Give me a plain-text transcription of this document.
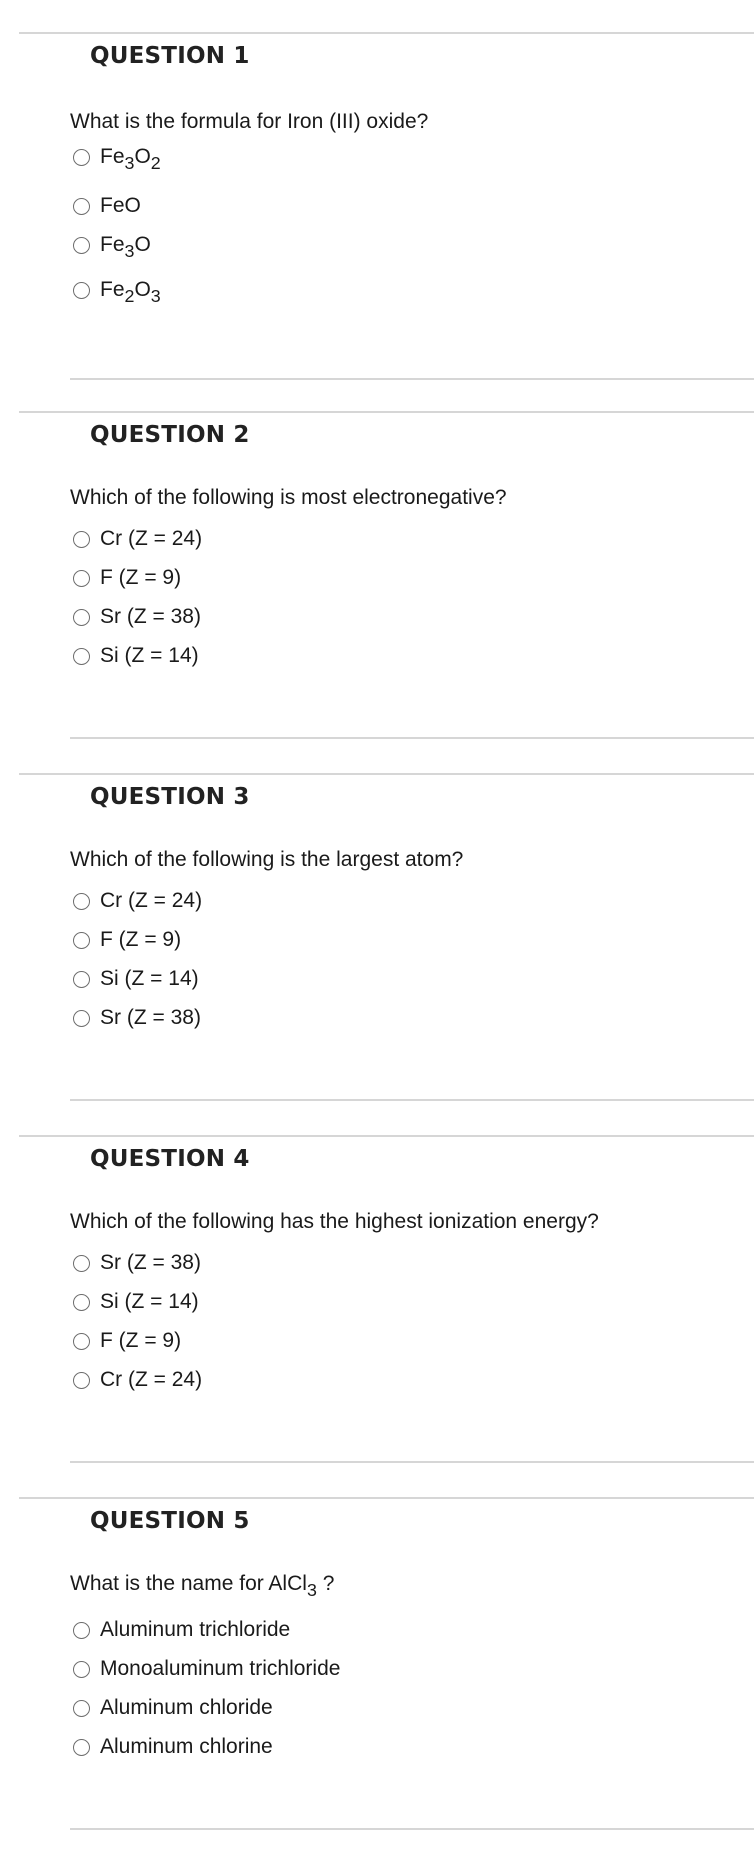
QUESTION 1
What is the formula for Iron (III) oxide?
Fe3O2
FeO
Fe3O
Fe2O3
QUESTION 2
Which of the following is most electronegative?
Cr (Z = 24)
F (Z = 9)
Sr (Z = 38)
Si (Z = 14)
QUESTION 3
Which of the following is the largest atom?
Cr (Z = 24)
F (Z = 9)
Si (Z = 14)
Sr (Z = 38)
QUESTION 4
Which of the following has the highest ionization energy?
Sr (Z = 38)
Si (Z = 14)
F (Z = 9)
Cr (Z = 24)
QUESTION 5
What is the name for AlCl3 ?
Aluminum trichloride
Monoaluminum trichloride
Aluminum chloride
Aluminum chlorine
